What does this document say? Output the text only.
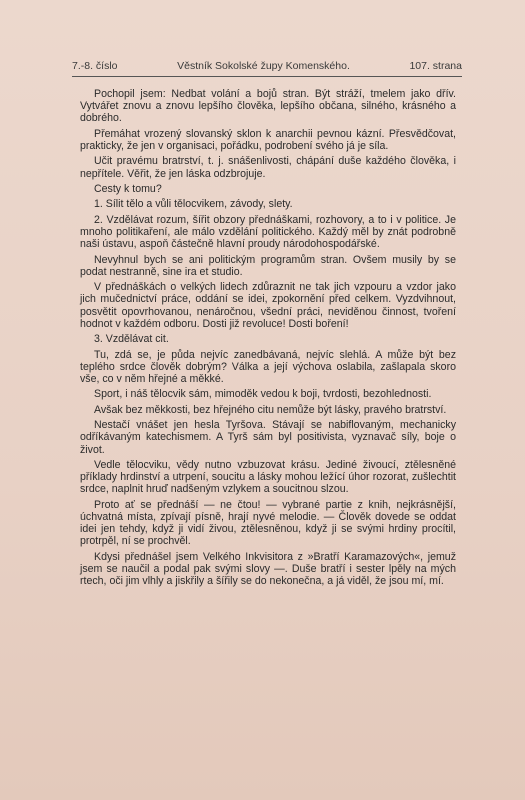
7.-8. číslo	Věstník Sokolské župy Komenského.	107. strana

Pochopil jsem: Nedbat volání a bojů stran. Být stráží, tmelem jako dřív. Vytvářet znovu a znovu lepšího člověka, lepšího občana, silného, krásného a dobrého.

Přemáhat vrozený slovanský sklon k anarchii pevnou kázní. Přesvědčovat, prakticky, že jen v organisaci, pořádku, podrobení svého já je síla.

Učit pravému bratrství, t. j. snášenlivosti, chápání duše každého člověka, i nepřítele. Věřit, že jen láska odzbrojuje.

Cesty k tomu?

1. Sílit tělo a vůli tělocvikem, závody, slety.

2. Vzdělávat rozum, šířit obzory přednáškami, rozhovory, a to i v politice. Je mnoho politikaření, ale málo vzdělání politického. Každý měl by znát podrobně naši ústavu, aspoň částečně hlavní proudy národohospodářské.

Nevyhnul bych se ani politickým programům stran. Ovšem musily by se podat nestranně, sine ira et studio.

V přednáškách o velkých lidech zdůraznit ne tak jich vzpouru a vzdor jako jich mučednictví práce, oddání se idei, zpokornění před celkem. Vyzdvihnout, posvětit opovrhovanou, nenáročnou, všední práci, neviděnou činnost, tvoření hodnot v každém odboru. Dosti již revoluce! Dosti boření!

3. Vzdělávat cit.

Tu, zdá se, je půda nejvíc zanedbávaná, nejvíc slehlá. A může být bez teplého srdce člověk dobrým? Válka a její výchova oslabila, zašlapala skoro vše, co v něm hřejné a měkké.

Sport, i náš tělocvik sám, mimoděk vedou k boji, tvrdosti, bezohlednosti.

Avšak bez měkkosti, bez hřejného citu nemůže být lásky, pravého bratrství.

Nestačí vnášet jen hesla Tyršova. Stávají se nabiflovaným, mechanicky odříkávaným katechismem. A Tyrš sám byl positivista, vyznavač síly, boje o život.

Vedle tělocviku, vědy nutno vzbuzovat krásu. Jediné živoucí, ztělesněné příklady hrdinství a utrpení, soucitu a lásky mohou ležící úhor rozorat, zušlechtit srdce, naplnit hruď nadšeným vzlykem a soucitnou slzou.

Proto ať se přednáší — ne čtou! — vybrané partie z knih, nejkrásnější, úchvatná místa, zpívají písně, hrají nyvé melodie. — Člověk dovede se oddat idei jen tehdy, když ji vidí živou, ztělesněnou, když ji se svými hrdiny procítil, protrpěl, ní se prochvěl.

Kdysi přednášel jsem Velkého Inkvisitora z »Bratří Karamazových«, jemuž jsem se naučil a podal pak svými slovy —. Duše bratří i sester lpěly na mých rtech, oči jim vlhly a jiskřily a šířily se do nekonečna, a já viděl, že jsou mí, mí.
